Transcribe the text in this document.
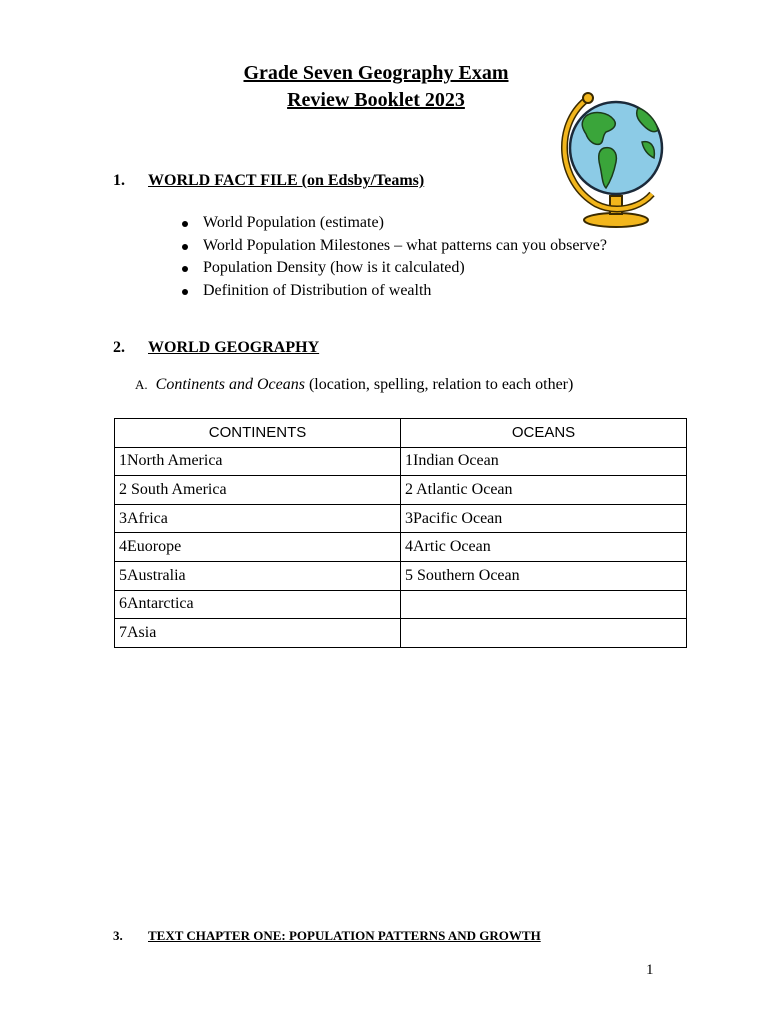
Grade Seven Geography Exam
Review Booklet 2023
1. WORLD FACT FILE (on Edsby/Teams)
World Population (estimate)
World Population Milestones – what patterns can you observe?
Population Density (how is it calculated)
Definition of Distribution of wealth
2. WORLD GEOGRAPHY
A. Continents and Oceans (location, spelling, relation to each other)
CONTINENTS	OCEANS
1North America	1Indian Ocean
2 South America	2 Atlantic Ocean
3Africa	3Pacific Ocean
4Euorope	4Artic Ocean
5Australia	5 Southern Ocean
6Antarctica	
7Asia	
3. TEXT CHAPTER ONE: POPULATION PATTERNS AND GROWTH
1
